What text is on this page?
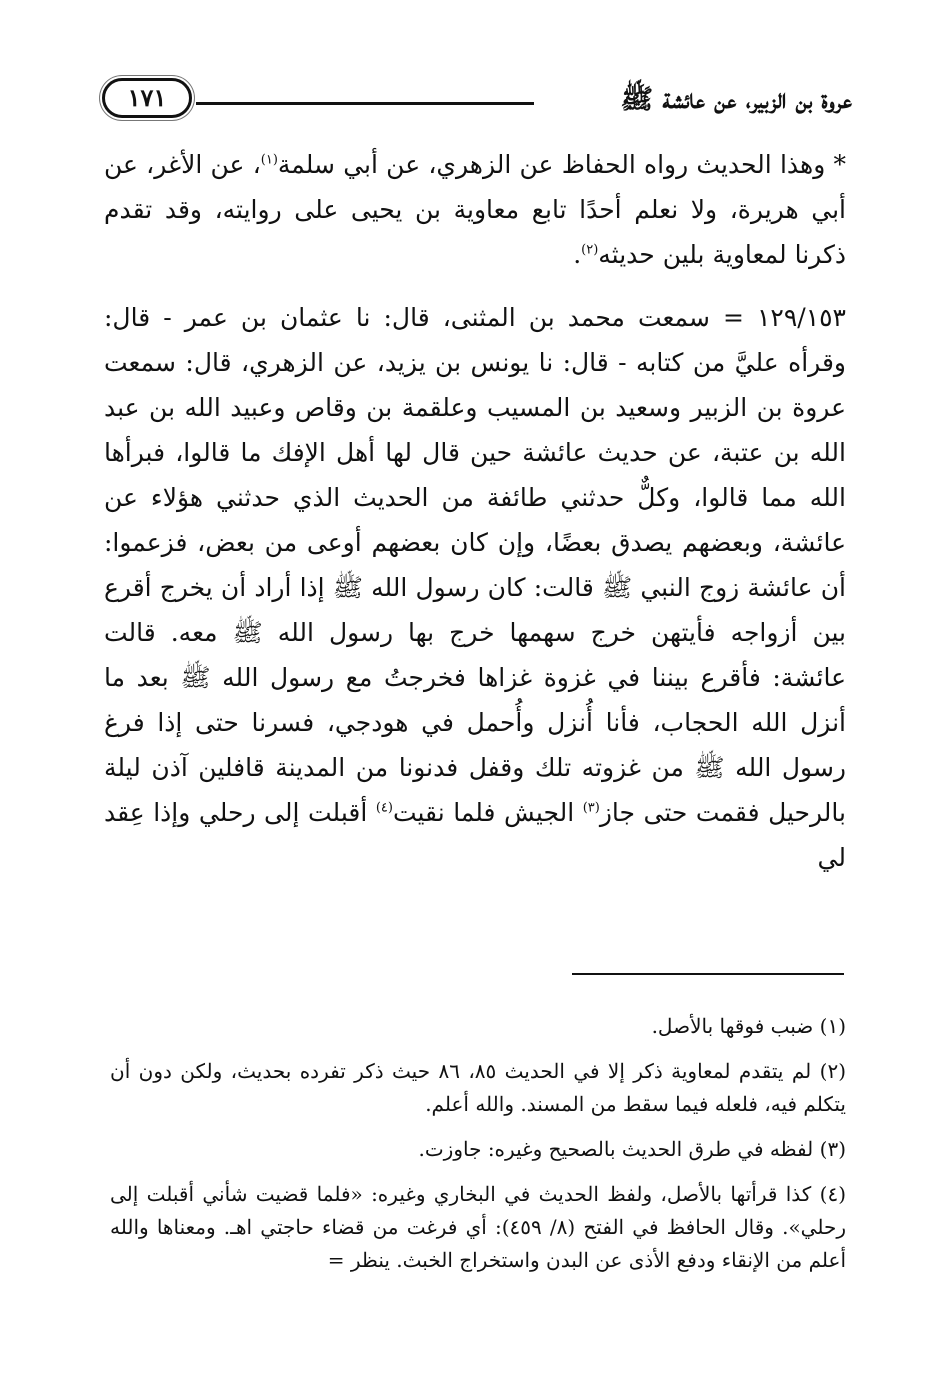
عروة بن الزبير، عن عائشة ﷺ
١٧١

* وهذا الحديث رواه الحفاظ عن الزهري، عن أبي سلمة$^{(١)}$، عن الأغر، عن أبي هريرة، ولا نعلم أحدًا تابع معاوية بن يحيى على روايته، وقد تقدم ذكرنا لمعاوية بلين حديثه$^{(٢)}$.

١٢٩/١٥٣ = سمعت محمد بن المثنى، قال: نا عثمان بن عمر - قال: وقرأه عليَّ من كتابه - قال: نا يونس بن يزيد، عن الزهري، قال: سمعت عروة بن الزبير وسعيد بن المسيب وعلقمة بن وقاص وعبيد الله بن عبد الله بن عتبة، عن حديث عائشة حين قال لها أهل الإفك ما قالوا، فبرأها الله مما قالوا، وكلٌّ حدثني طائفة من الحديث الذي حدثني هؤلاء عن عائشة، وبعضهم يصدق بعضًا، وإن كان بعضهم أوعى من بعض، فزعموا: أن عائشة زوج النبي ﷺ قالت: كان رسول الله ﷺ إذا أراد أن يخرج أقرع بين أزواجه فأيتهن خرج سهمها خرج بها رسول الله ﷺ معه. قالت عائشة: فأقرع بيننا في غزوة غزاها فخرجتُ مع رسول الله ﷺ بعد ما أنزل الله الحجاب، فأنا أُنزل وأُحمل في هودجي، فسرنا حتى إذا فرغ رسول الله ﷺ من غزوته تلك وقفل فدنونا من المدينة قافلين آذن ليلة بالرحيل فقمت حتى جاز$^{(٣)}$ الجيش فلما نقيت$^{(٤)}$ أقبلت إلى رحلي وإذا عِقد لي

(١) ضبب فوقها بالأصل.

(٢) لم يتقدم لمعاوية ذكر إلا في الحديث ٨٥، ٨٦ حيث ذكر تفرده بحديث، ولكن دون أن يتكلم فيه، فلعله فيما سقط من المسند. والله أعلم.

(٣) لفظه في طرق الحديث بالصحيح وغيره: جاوزت.

(٤) كذا قرأتها بالأصل، ولفظ الحديث في البخاري وغيره: «فلما قضيت شأني أقبلت إلى رحلي». وقال الحافظ في الفتح (٨/ ٤٥٩): أي فرغت من قضاء حاجتي اهـ. ومعناها والله أعلم من الإنقاء ودفع الأذى عن البدن واستخراج الخبث. ينظر =
